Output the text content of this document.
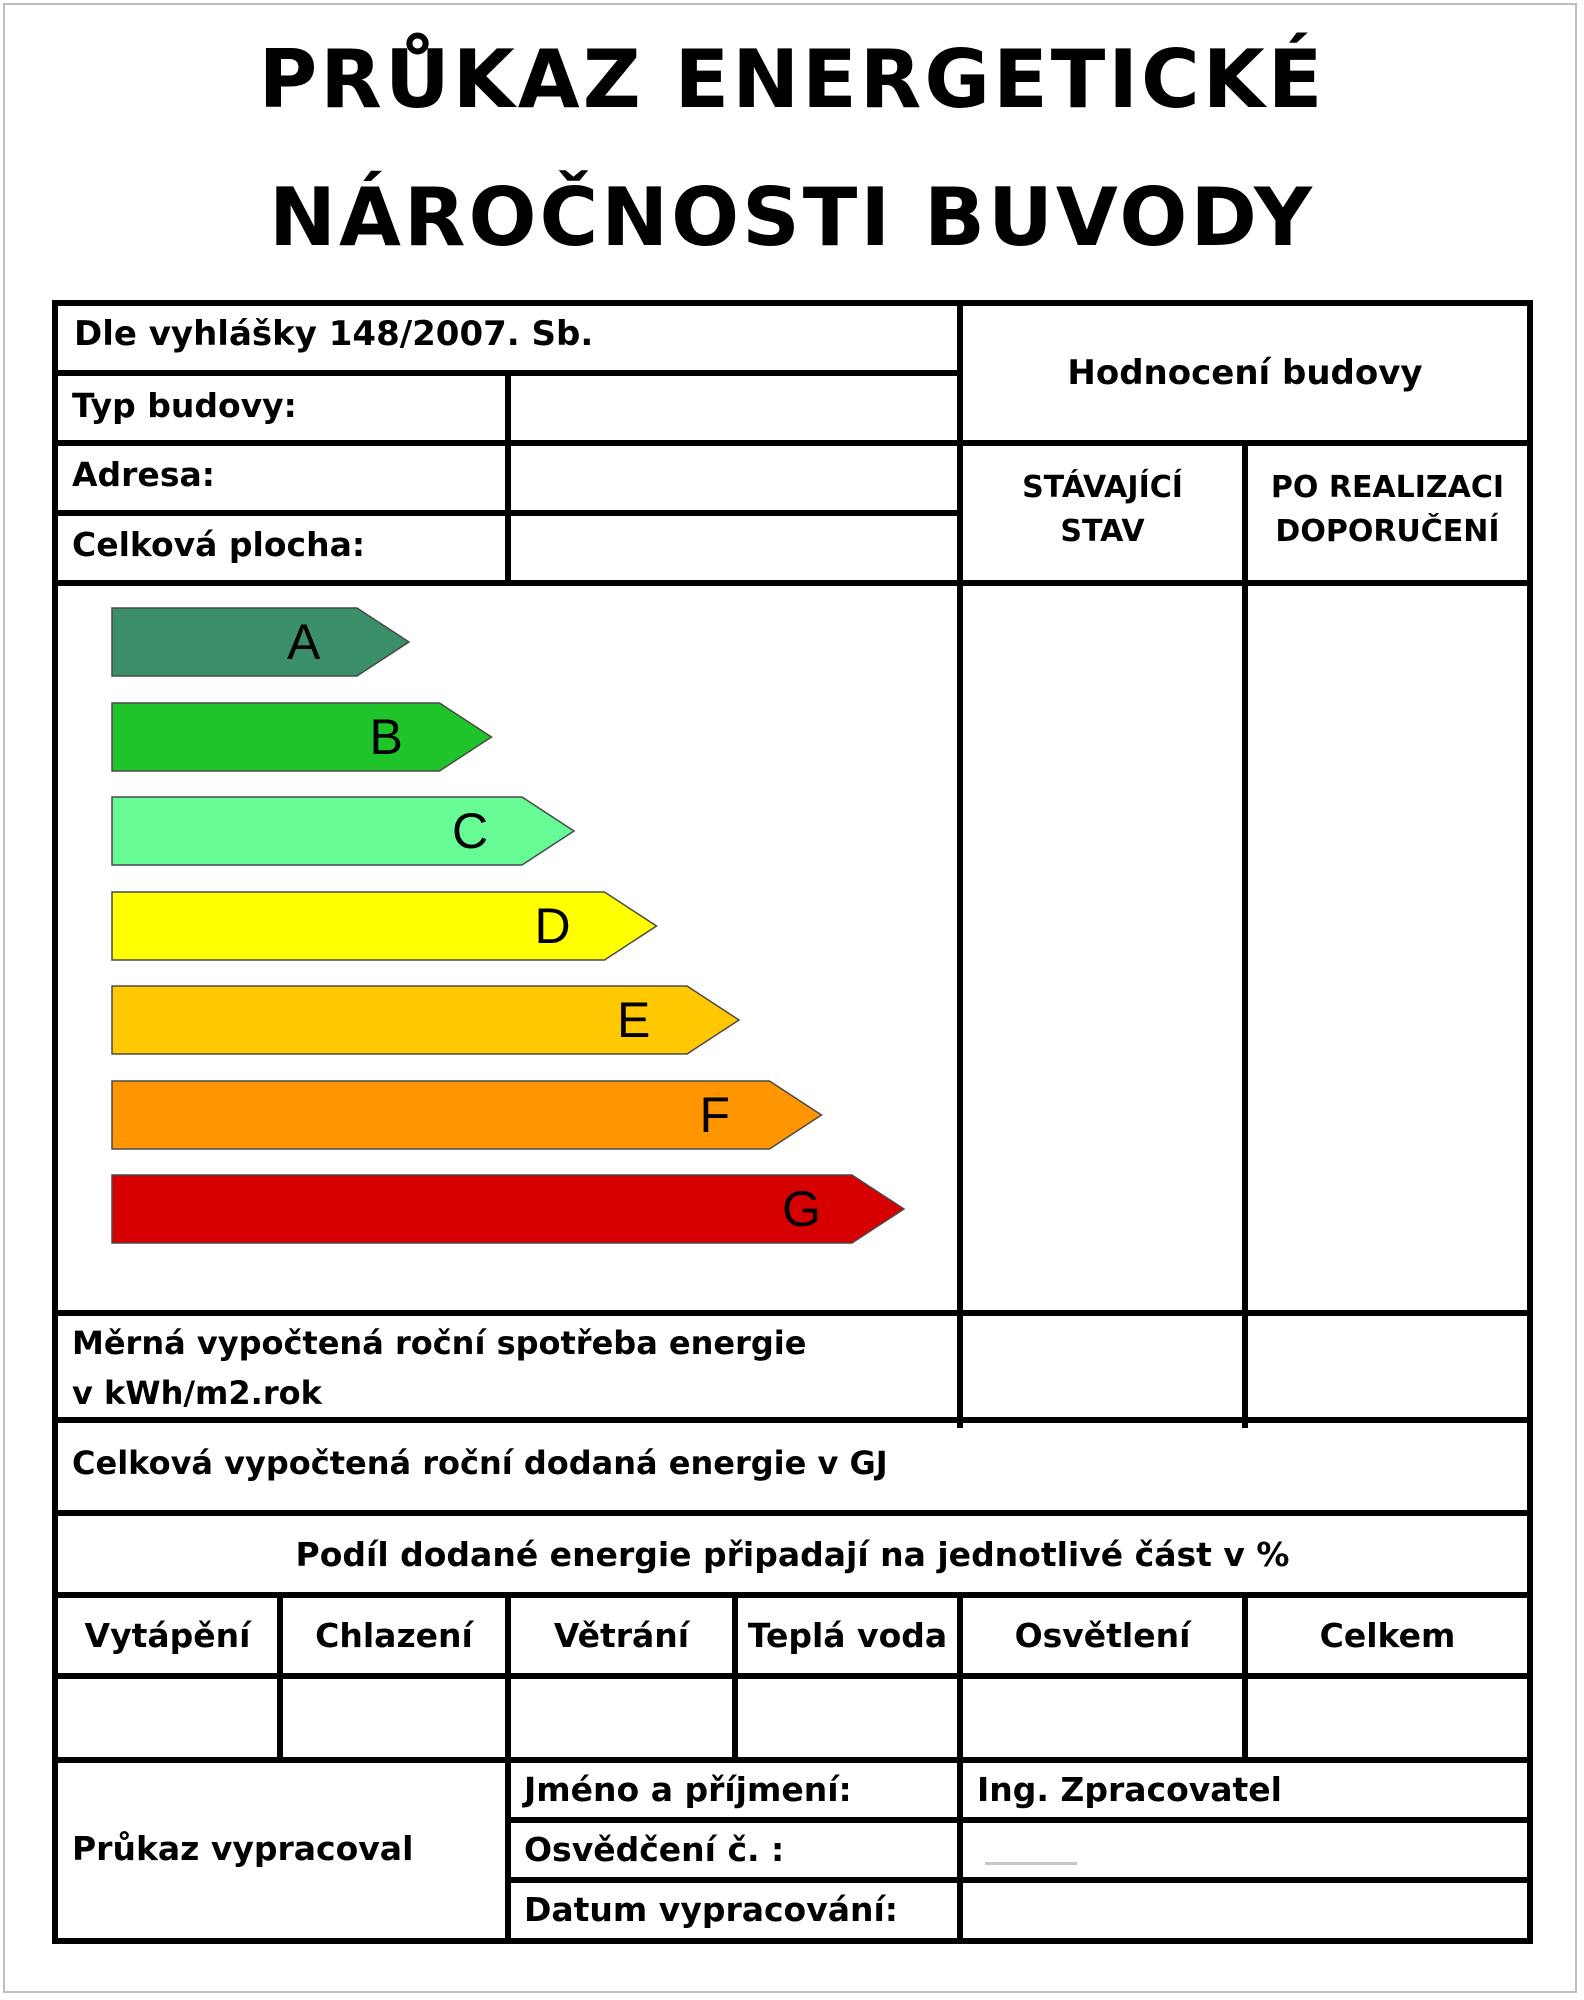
PRŮKAZ ENERGETICKÉ
NÁROČNOSTI BUVODY
Dle vyhlášky 148/2007. Sb.
Typ budovy:
Adresa:
Celková plocha:
Hodnocení budovy
STÁVAJÍCÍ
STAV
PO REALIZACI
DOPORUČENÍ
A
B
C
D
E
F
G
Měrná vypočtená roční spotřeba energie
v kWh/m2.rok
Celková vypočtená roční dodaná energie v GJ
Podíl dodané energie připadají na jednotlivé část v %
Vytápění	Chlazení	Větrání	Teplá voda	Osvětlení	Celkem
Průkaz vypracoval
Jméno a příjmení:	Ing. Zpracovatel
Osvědčení č. :
Datum vypracování:
